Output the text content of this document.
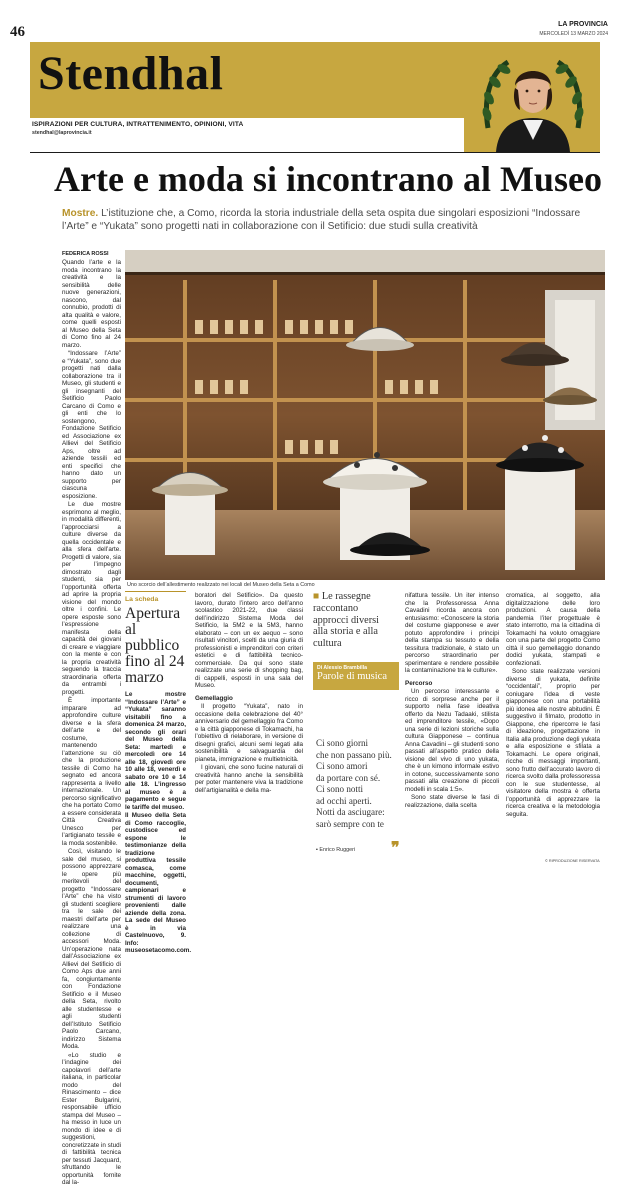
46	LA PROVINCIA
MERCOLEDÌ 13 MARZO 2024
Stendhal
ISPIRAZIONI PER CULTURA, INTRATTENIMENTO, OPINIONI, VITA
stendhal@laprovincia.it
Arte e moda si incontrano al Museo
Mostre. L’istituzione che, a Como, ricorda la storia industriale della seta ospita due singolari esposizioni “Indossare l’Arte” e “Yukata” sono progetti nati in collaborazione con il Setificio: due studi sulla creatività
FEDERICA ROSSI

Quando l’arte e la moda incontrano la creatività e la sensibilità delle nuove generazioni, nascono, dal connubio, prodotti di alta qualità e valore, come quelli esposti al Museo della Seta di Como fino al 24 marzo.

“Indossare l’Arte” e “Yukata”, sono due progetti nati dalla collaborazione tra il Museo, gli studenti e gli insegnanti del Setificio Paolo Carcano di Como e gli enti che lo sostengono, Fondazione Setificio ed Associazione ex Allievi del Setificio Aps, oltre ad aziende tessili ed enti specifici che hanno dato un supporto per ciascuna esposizione.

Le due mostre esprimono al meglio, in modalità differenti, l’approcciarsi a culture diverse da quella occidentale e alla sfera dell’arte. Progetti di valore, sia per l’impegno dimostrato dagli studenti, sia per l’opportunità offerta ad aprire la propria visione del mondo oltre i confini. Le opere esposte sono l’espressione manifesta della capacità dei giovani di creare e viaggiare con la mente e con la propria creatività seguendo la traccia straordinaria offerta da entrambi i progetti.

È importante imparare ad approfondire culture diverse e la sfera dell’arte e del costume, mantenendo l’attenzione su ciò che la produzione tessile di Como ha segnato ed ancora rappresenta a livello internazionale. Un percorso significativo che ha portato Como a essere considerata Città Creativa Unesco per l’artigianato tessile e la moda sostenibile.

Così, visitando le sale del museo, si possono apprezzare le opere più meritevoli del progetto “Indossare l’Arte” che ha visto gli studenti scegliere tra le sale dei maestri dell’arte per realizzare una collezione di accessori Moda. Un’operazione nata dall’Associazione ex Allievi del Setificio di Como Aps due anni fa, congiuntamente con Fondazione Setificio e il Museo della Seta, rivolto alle studentesse e agli studenti dell’Istituto Setificio Paolo Carcano, indirizzo Sistema Moda.

«Lo studio e l’indagine dei capolavori dell’arte italiana, in particolar modo del Rinascimento – dice Ester Bulgarini, responsabile ufficio stampa del Museo – ha messo in luce un mondo di idee e di suggestioni, concretizzate in studi di fattibilità tecnica per tessuti Jacquard, sfruttando le opportunità fornite dal la-

Uno scorcio dell’allestimento realizzato nei locali del Museo della Seta a Como
La scheda
Apertura al pubblico fino al 24 marzo

Le mostre “Indossare l’Arte” e “Yukata” saranno visitabili fino a domenica 24 marzo, secondo gli orari del Museo della Seta: martedì e mercoledì ore 14 alle 18, giovedì ore 10 alle 18, venerdì e sabato ore 10 e 14 alle 18. L’ingresso al museo è a pagamento e segue le tariffe del museo.

Il Museo della Seta di Como raccoglie, custodisce ed espone le testimonianze della tradizione produttiva tessile comasca, come macchine, oggetti, documenti, campionari e strumenti di lavoro provenienti dalle aziende della zona. La sede del Museo è in via Castelnuovo, 9. Info: museosetacomo.com.

boratori del Setificio». Da questo lavoro, durato l’intero arco dell’anno scolastico 2021-22, due classi dell’indirizzo Sistema Moda del Setificio, la 5M2 e la 5M3, hanno elaborato – con un ex aequo – sono risultati vincitori, scelti da una giuria di professionisti e imprenditori con criteri estetici e di fattibilità tecnico-commerciale. Da qui sono state realizzate una serie di shopping bag, di cappelli, esposti in una sala del Museo.

Gemellaggio

Il progetto “Yukata”, nato in occasione della celebrazione del 40° anniversario del gemellaggio fra Como e la città giapponese di Tokamachi, ha l’obiettivo di rielaborare, in versione di disegni grafici, alcuni semi legati alla sostenibilità e salvaguardia del pianeta, immigrazione e multietnicità.

I giovani, che sono fucine naturali di creatività hanno anche la sensibilità per poter mantenere viva la tradizione dell’artigianalità e della ma-

■ Le rassegne raccontano approcci diversi alla storia e alla cultura
Di Alessio Brambilla
Parole di musica
Ci sono giorni
che non passano più.
Ci sono amori
da portare con sé.
Ci sono notti
ad occhi aperti.
Notti da asciugare:
sarò sempre con te
▪ Enrico Ruggeri ❞

nifattura tessile. Un iter intenso che la Professoressa Anna Cavadini ricorda ancora con entusiasmo: «Conoscere la storia del costume giapponese e aver potuto approfondire i principi della stampa su tessuto e della tessitura tradizionale, è stato un percorso straordinario per sperimentare e rendere possibile la contaminazione tra le culture».

Percorso

Un percorso interessante e ricco di sorprese anche per il supporto nella fase ideativa offerto da Nezu Tadaaki, stilista ed imprenditore tessile, «Dopo una serie di lezioni storiche sulla cultura Giapponese – continua Anna Cavadini – gli studenti sono passati all’aspetto pratico della visione del vivo di uno yukata, che è un kimono informale estivo in cotone, successivamente sono passati alla creazione di piccoli modelli in scala 1:5».

Sono state diverse le fasi di realizzazione, dalla scelta

cromatica, al soggetto, alla digitalizzazione delle loro produzioni. A causa della pandemia l’iter progettuale è stato interrotto, ma la cittadina di Tokamachi ha voluto omaggiare con una parte del progetto Como città il suo gemellaggio donando dodici yukata, stampati e confezionati.

Sono state realizzate versioni diverse di yukata, definite “occidentali”, proprio per coniugare l’idea di veste giapponese con una portabilità più idonea alle nostre abitudini. È suggestivo il filmato, prodotto in Giappone, che ripercorre le fasi di ideazione, progettazione in Italia alla produzione degli yukata e alla esposizione e sfilata a Tokamachi. Le opere originali, ricche di messaggi importanti, sono frutto dell’accurato lavoro di ricerca svolto dalla professoressa con le sue studentesse, al visitatore della mostra è offerta l’opportunità di apprezzare la ricerca creativa e la metodologia seguita.

© RIPRODUZIONE RISERVATA
